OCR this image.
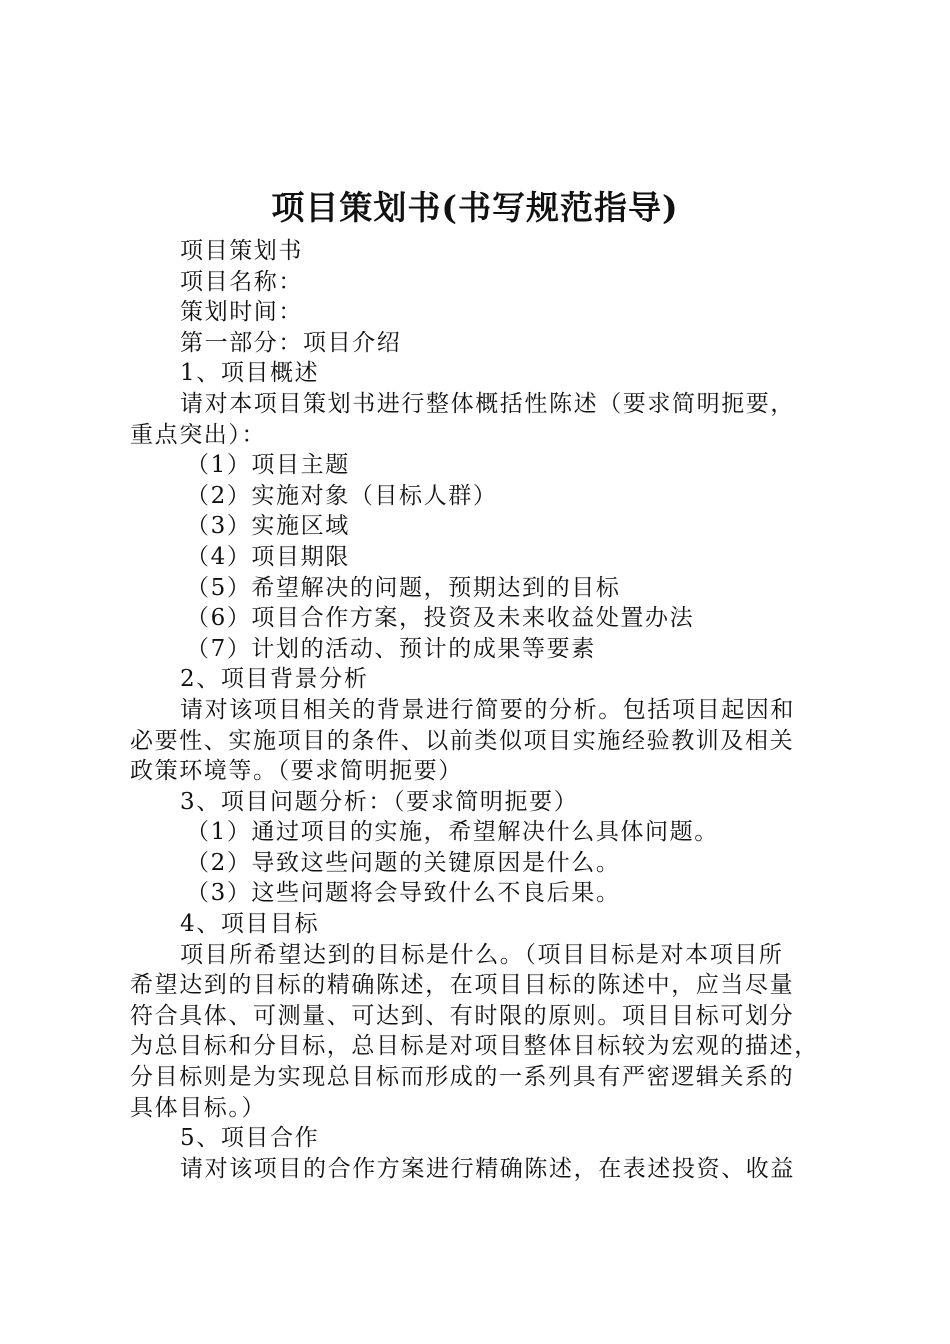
项目策划书(书写规范指导)
项目策划书
项目名称：
策划时间：
第一部分：项目介绍
1、项目概述
请对本项目策划书进行整体概括性陈述（要求简明扼要，
重点突出）：
（1）项目主题
（2）实施对象（目标人群）
（3）实施区域
（4）项目期限
（5）希望解决的问题，预期达到的目标
（6）项目合作方案，投资及未来收益处置办法
（7）计划的活动、预计的成果等要素
2、项目背景分析
请对该项目相关的背景进行简要的分析。包括项目起因和
必要性、实施项目的条件、以前类似项目实施经验教训及相关
政策环境等。（要求简明扼要）
3、项目问题分析：（要求简明扼要）
（1）通过项目的实施，希望解决什么具体问题。
（2）导致这些问题的关键原因是什么。
（3）这些问题将会导致什么不良后果。
4、项目目标
项目所希望达到的目标是什么。（项目目标是对本项目所
希望达到的目标的精确陈述，在项目目标的陈述中，应当尽量
符合具体、可测量、可达到、有时限的原则。项目目标可划分
为总目标和分目标，总目标是对项目整体目标较为宏观的描述，
分目标则是为实现总目标而形成的一系列具有严密逻辑关系的
具体目标。）
5、项目合作
请对该项目的合作方案进行精确陈述，在表述投资、收益
